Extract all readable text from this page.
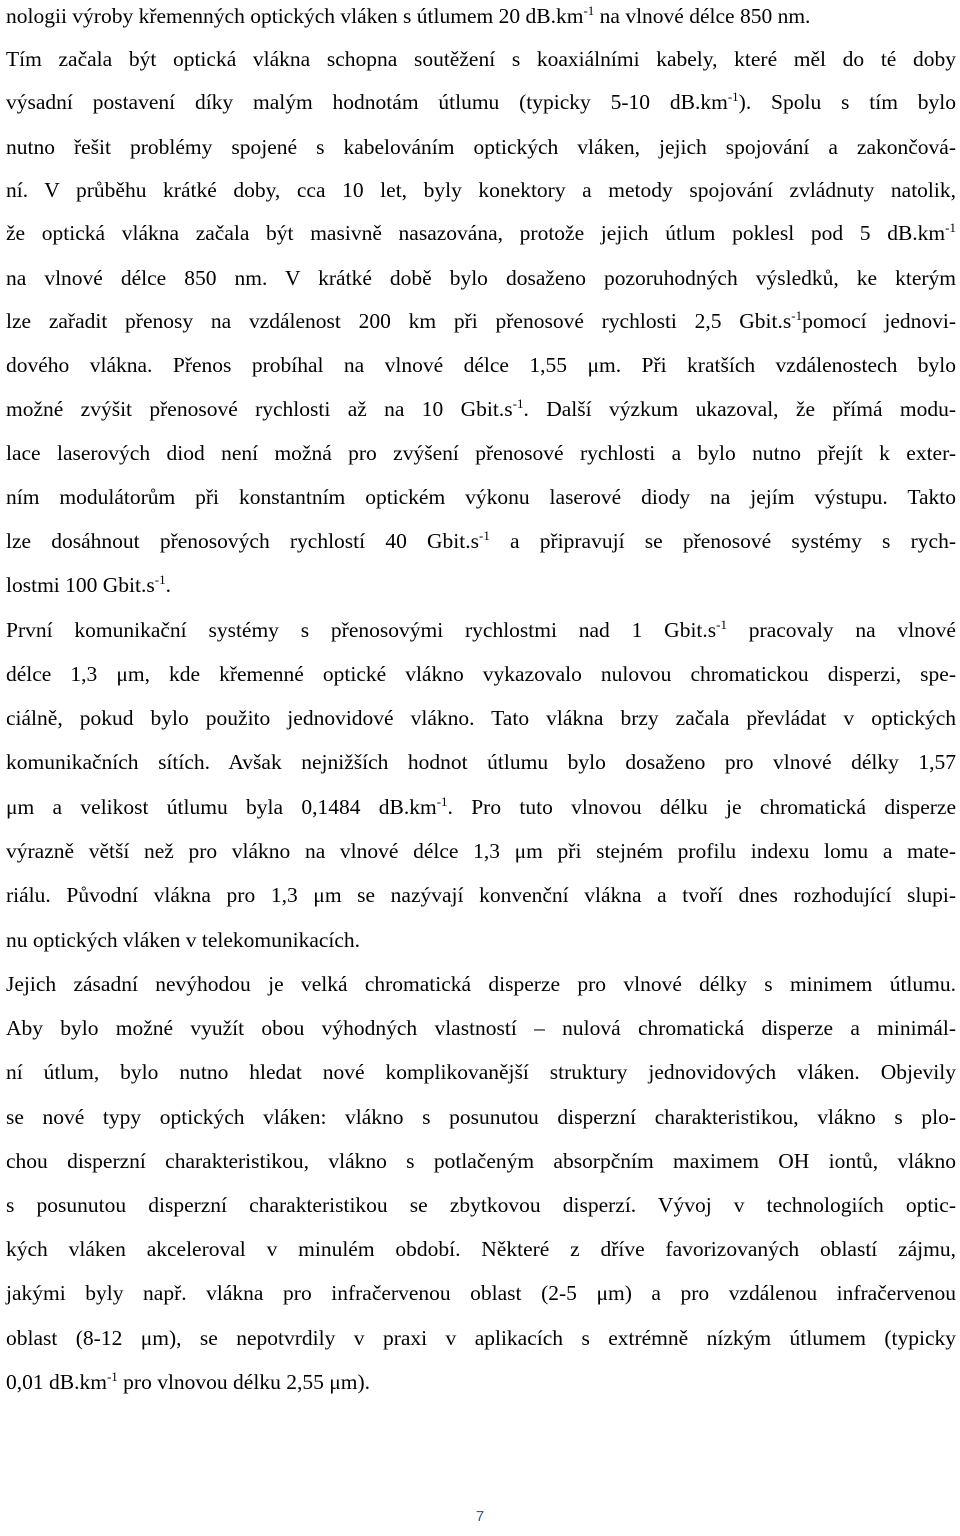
nologii výroby křemenných optických vláken s útlumem 20 $dB.km^{-1}$ na vlnové délce 850 nm.
Tím začala být optická vlákna schopna soutěžení s koaxiálními kabely, které měl do té doby
výsadní postavení díky malým hodnotám útlumu (typicky 5-10 $dB.km^{-1}$). Spolu s tím bylo
nutno řešit problémy spojené s kabelováním optických vláken, jejich spojování a zakončová-
ní. V průběhu krátké doby, cca 10 let, byly konektory a metody spojování zvládnuty natolik,
že optická vlákna začala být masivně nasazována, protože jejich útlum poklesl pod 5 $dB.km^{-1}$
na vlnové délce 850 nm. V krátké době bylo dosaženo pozoruhodných výsledků, ke kterým
lze zařadit přenosy na vzdálenost 200 km při přenosové rychlosti 2,5 $Gbit.s^{-1}pomocí$ jednovi-
dového vlákna. Přenos probíhal na vlnové délce 1,55 μm. Při kratších vzdálenostech bylo
možné zvýšit přenosové rychlosti až na 10 $Gbit.s^{-1}$. Další výzkum ukazoval, že přímá modu-
lace laserových diod není možná pro zvýšení přenosové rychlosti a bylo nutno přejít k exter-
ním modulátorům při konstantním optickém výkonu laserové diody na jejím výstupu. Takto
lze dosáhnout přenosových rychlostí 40 $Gbit.s^{-1}$ a připravují se přenosové systémy s rych-
lostmi 100 $Gbit.s^{-1}$.
První komunikační systémy s přenosovými rychlostmi nad 1 $Gbit.s^{-1}$ pracovaly na vlnové
délce 1,3 μm, kde křemenné optické vlákno vykazovalo nulovou chromatickou disperzi, spe-
ciálně, pokud bylo použito jednovidové vlákno. Tato vlákna brzy začala převládat v optických
komunikačních sítích. Avšak nejnižších hodnot útlumu bylo dosaženo pro vlnové délky 1,57
μm a velikost útlumu byla 0,1484 $dB.km^{-1}$. Pro tuto vlnovou délku je chromatická disperze
výrazně větší než pro vlákno na vlnové délce 1,3 μm při stejném profilu indexu lomu a mate-
riálu. Původní vlákna pro 1,3 μm se nazývají konvenční vlákna a tvoří dnes rozhodující slupi-
nu optických vláken v telekomunikacích.
Jejich zásadní nevýhodou je velká chromatická disperze pro vlnové délky s minimem útlumu.
Aby bylo možné využít obou výhodných vlastností – nulová chromatická disperze a minimál-
ní útlum, bylo nutno hledat nové komplikovanější struktury jednovidových vláken. Objevily
se nové typy optických vláken: vlákno s posunutou disperzní charakteristikou, vlákno s plo-
chou disperzní charakteristikou, vlákno s potlačeným absorpčním maximem OH iontů, vlákno
s posunutou disperzní charakteristikou se zbytkovou disperzí. Vývoj v technologiích optic-
kých vláken akceleroval v minulém období. Některé z dříve favorizovaných oblastí zájmu,
jakými byly např. vlákna pro infračervenou oblast (2-5 μm) a pro vzdálenou infračervenou
oblast (8-12 μm), se nepotvrdily v praxi v aplikacích s extrémně nízkým útlumem (typicky
0,01 $dB.km^{-1}$ pro vlnovou délku 2,55 μm).
7
